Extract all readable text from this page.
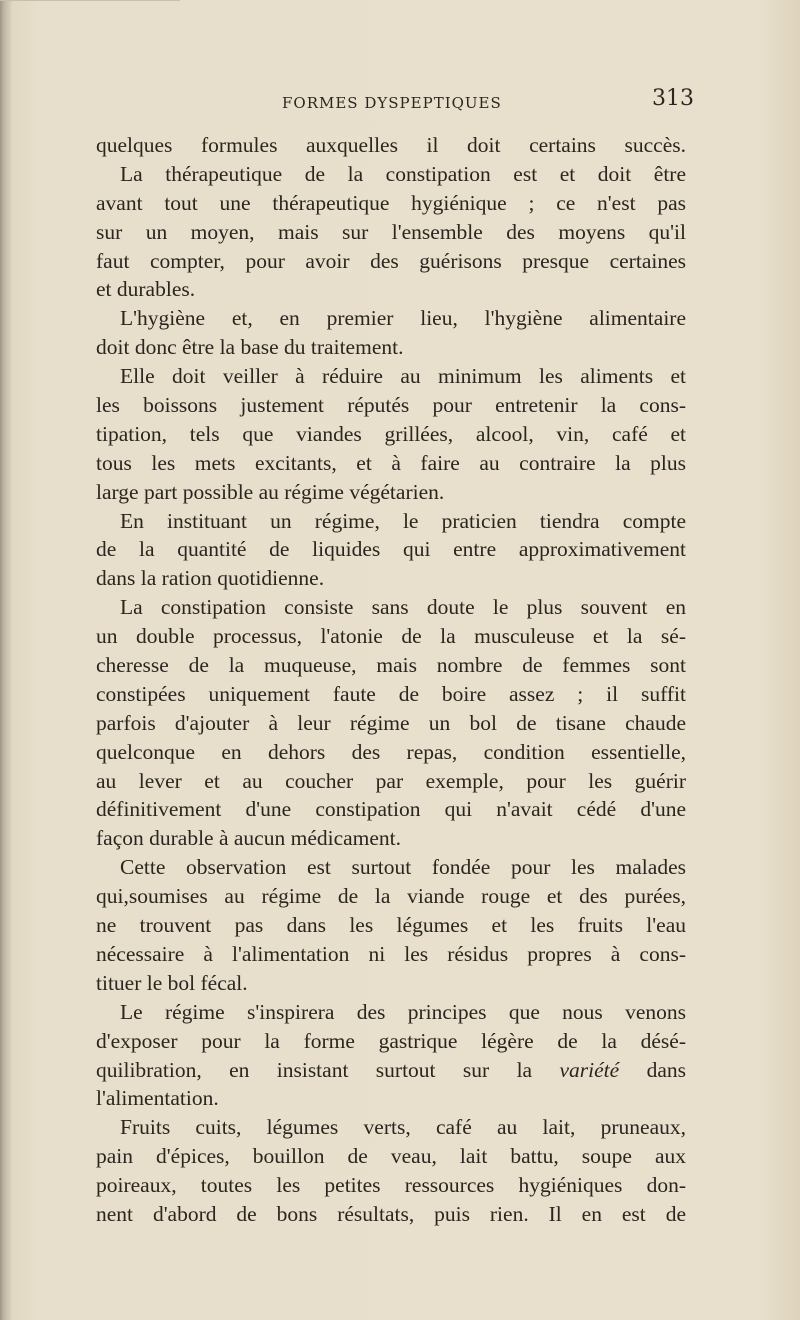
FORMES DYSPEPTIQUES	313
quelques formules auxquelles il doit certains succès.
La thérapeutique de la constipation est et doit être
avant tout une thérapeutique hygiénique ; ce n'est pas
sur un moyen, mais sur l'ensemble des moyens qu'il
faut compter, pour avoir des guérisons presque certaines
et durables.
L'hygiène et, en premier lieu, l'hygiène alimentaire
doit donc être la base du traitement.
Elle doit veiller à réduire au minimum les aliments et
les boissons justement réputés pour entretenir la cons-
tipation, tels que viandes grillées, alcool, vin, café et
tous les mets excitants, et à faire au contraire la plus
large part possible au régime végétarien.
En instituant un régime, le praticien tiendra compte
de la quantité de liquides qui entre approximativement
dans la ration quotidienne.
La constipation consiste sans doute le plus souvent en
un double processus, l'atonie de la musculeuse et la sé-
cheresse de la muqueuse, mais nombre de femmes sont
constipées uniquement faute de boire assez ; il suffit
parfois d'ajouter à leur régime un bol de tisane chaude
quelconque en dehors des repas, condition essentielle,
au lever et au coucher par exemple, pour les guérir
définitivement d'une constipation qui n'avait cédé d'une
façon durable à aucun médicament.
Cette observation est surtout fondée pour les malades
qui,soumises au régime de la viande rouge et des purées,
ne trouvent pas dans les légumes et les fruits l'eau
nécessaire à l'alimentation ni les résidus propres à cons-
tituer le bol fécal.
Le régime s'inspirera des principes que nous venons
d'exposer pour la forme gastrique légère de la désé-
quilibration, en insistant surtout sur la variété dans
l'alimentation.
Fruits cuits, légumes verts, café au lait, pruneaux,
pain d'épices, bouillon de veau, lait battu, soupe aux
poireaux, toutes les petites ressources hygiéniques don-
nent d'abord de bons résultats, puis rien. Il en est de
